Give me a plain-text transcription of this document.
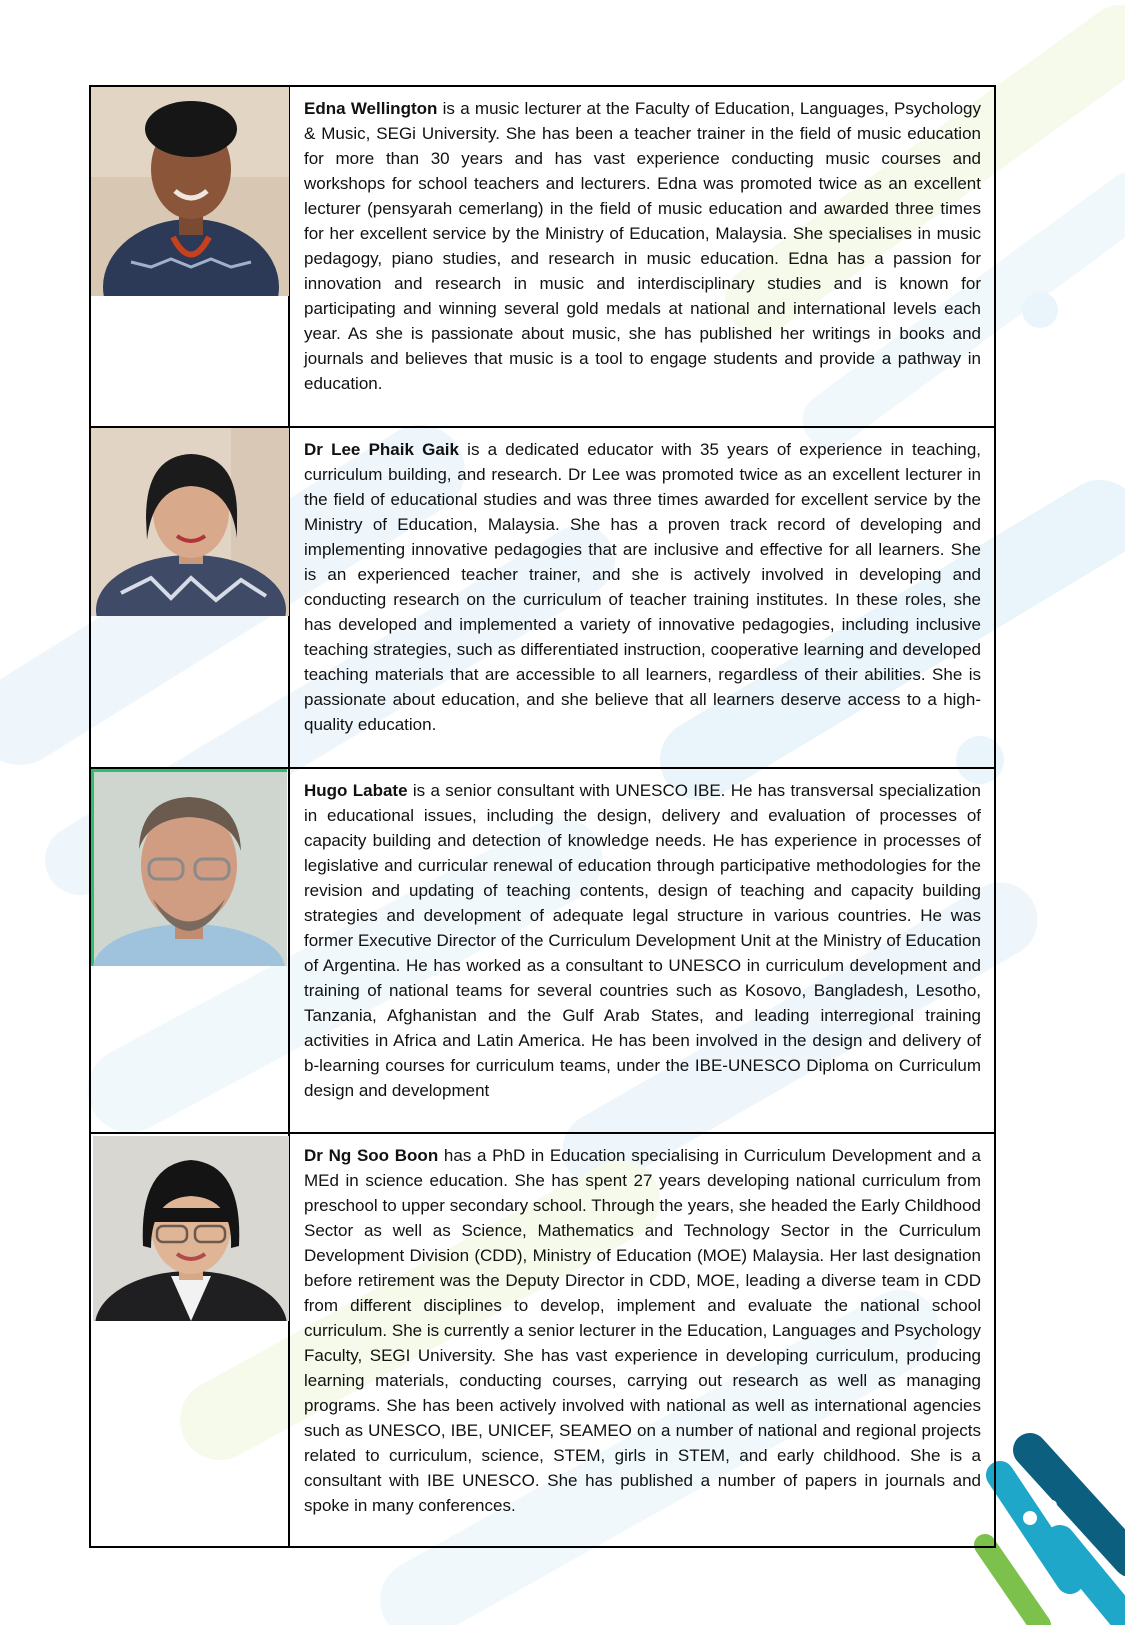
	Edna Wellington is a music lecturer at the Faculty of Education, Languages, Psychology & Music, SEGi University. She has been a teacher trainer in the field of music education for more than 30 years and has vast experience conducting music courses and workshops for school teachers and lecturers. Edna was promoted twice as an excellent lecturer (pensyarah cemerlang) in the field of music education and awarded three times for her excellent service by the Ministry of Education, Malaysia. She specialises in music pedagogy, piano studies, and research in music education. Edna has a passion for innovation and research in music and interdisciplinary studies and is known for participating and winning several gold medals at national and international levels each year. As she is passionate about music, she has published her writings in books and journals and believes that music is a tool to engage students and provide a pathway in education.

	Dr Lee Phaik Gaik is a dedicated educator with 35 years of experience in teaching, curriculum building, and research. Dr Lee was promoted twice as an excellent lecturer in the field of educational studies and was three times awarded for excellent service by the Ministry of Education, Malaysia. She has a proven track record of developing and implementing innovative pedagogies that are inclusive and effective for all learners. She is an experienced teacher trainer, and she is actively involved in developing and conducting research on the curriculum of teacher training institutes. In these roles, she has developed and implemented a variety of innovative pedagogies, including inclusive teaching strategies, such as differentiated instruction, cooperative learning and developed teaching materials that are accessible to all learners, regardless of their abilities. She is passionate about education, and she believe that all learners deserve access to a high-quality education.

	Hugo Labate is a senior consultant with UNESCO IBE. He has transversal specialization in educational issues, including the design, delivery and evaluation of processes of capacity building and detection of knowledge needs. He has experience in processes of legislative and curricular renewal of education through participative methodologies for the revision and updating of teaching contents, design of teaching and capacity building strategies and development of adequate legal structure in various countries. He was former Executive Director of the Curriculum Development Unit at the Ministry of Education of Argentina. He has worked as a consultant to UNESCO in curriculum development and training of national teams for several countries such as Kosovo, Bangladesh, Lesotho, Tanzania, Afghanistan and the Gulf Arab States, and leading interregional training activities in Africa and Latin America. He has been involved in the design and delivery of b-learning courses for curriculum teams, under the IBE-UNESCO Diploma on Curriculum design and development

	Dr Ng Soo Boon has a PhD in Education specialising in Curriculum Development and a MEd in science education. She has spent 27 years developing national curriculum from preschool to upper secondary school. Through the years, she headed the Early Childhood Sector as well as Science, Mathematics and Technology Sector in the Curriculum Development Division (CDD), Ministry of Education (MOE) Malaysia. Her last designation before retirement was the Deputy Director in CDD, MOE, leading a diverse team in CDD from different disciplines to develop, implement and evaluate the national school curriculum. She is currently a senior lecturer in the Education, Languages and Psychology Faculty, SEGI University. She has vast experience in developing curriculum, producing learning materials, conducting courses, carrying out research as well as managing programs. She has been actively involved with national as well as international agencies such as UNESCO, IBE, UNICEF, SEAMEO on a number of national and regional projects related to curriculum, science, STEM, girls in STEM, and early childhood. She is a consultant with IBE UNESCO. She has published a number of papers in journals and spoke in many conferences.
